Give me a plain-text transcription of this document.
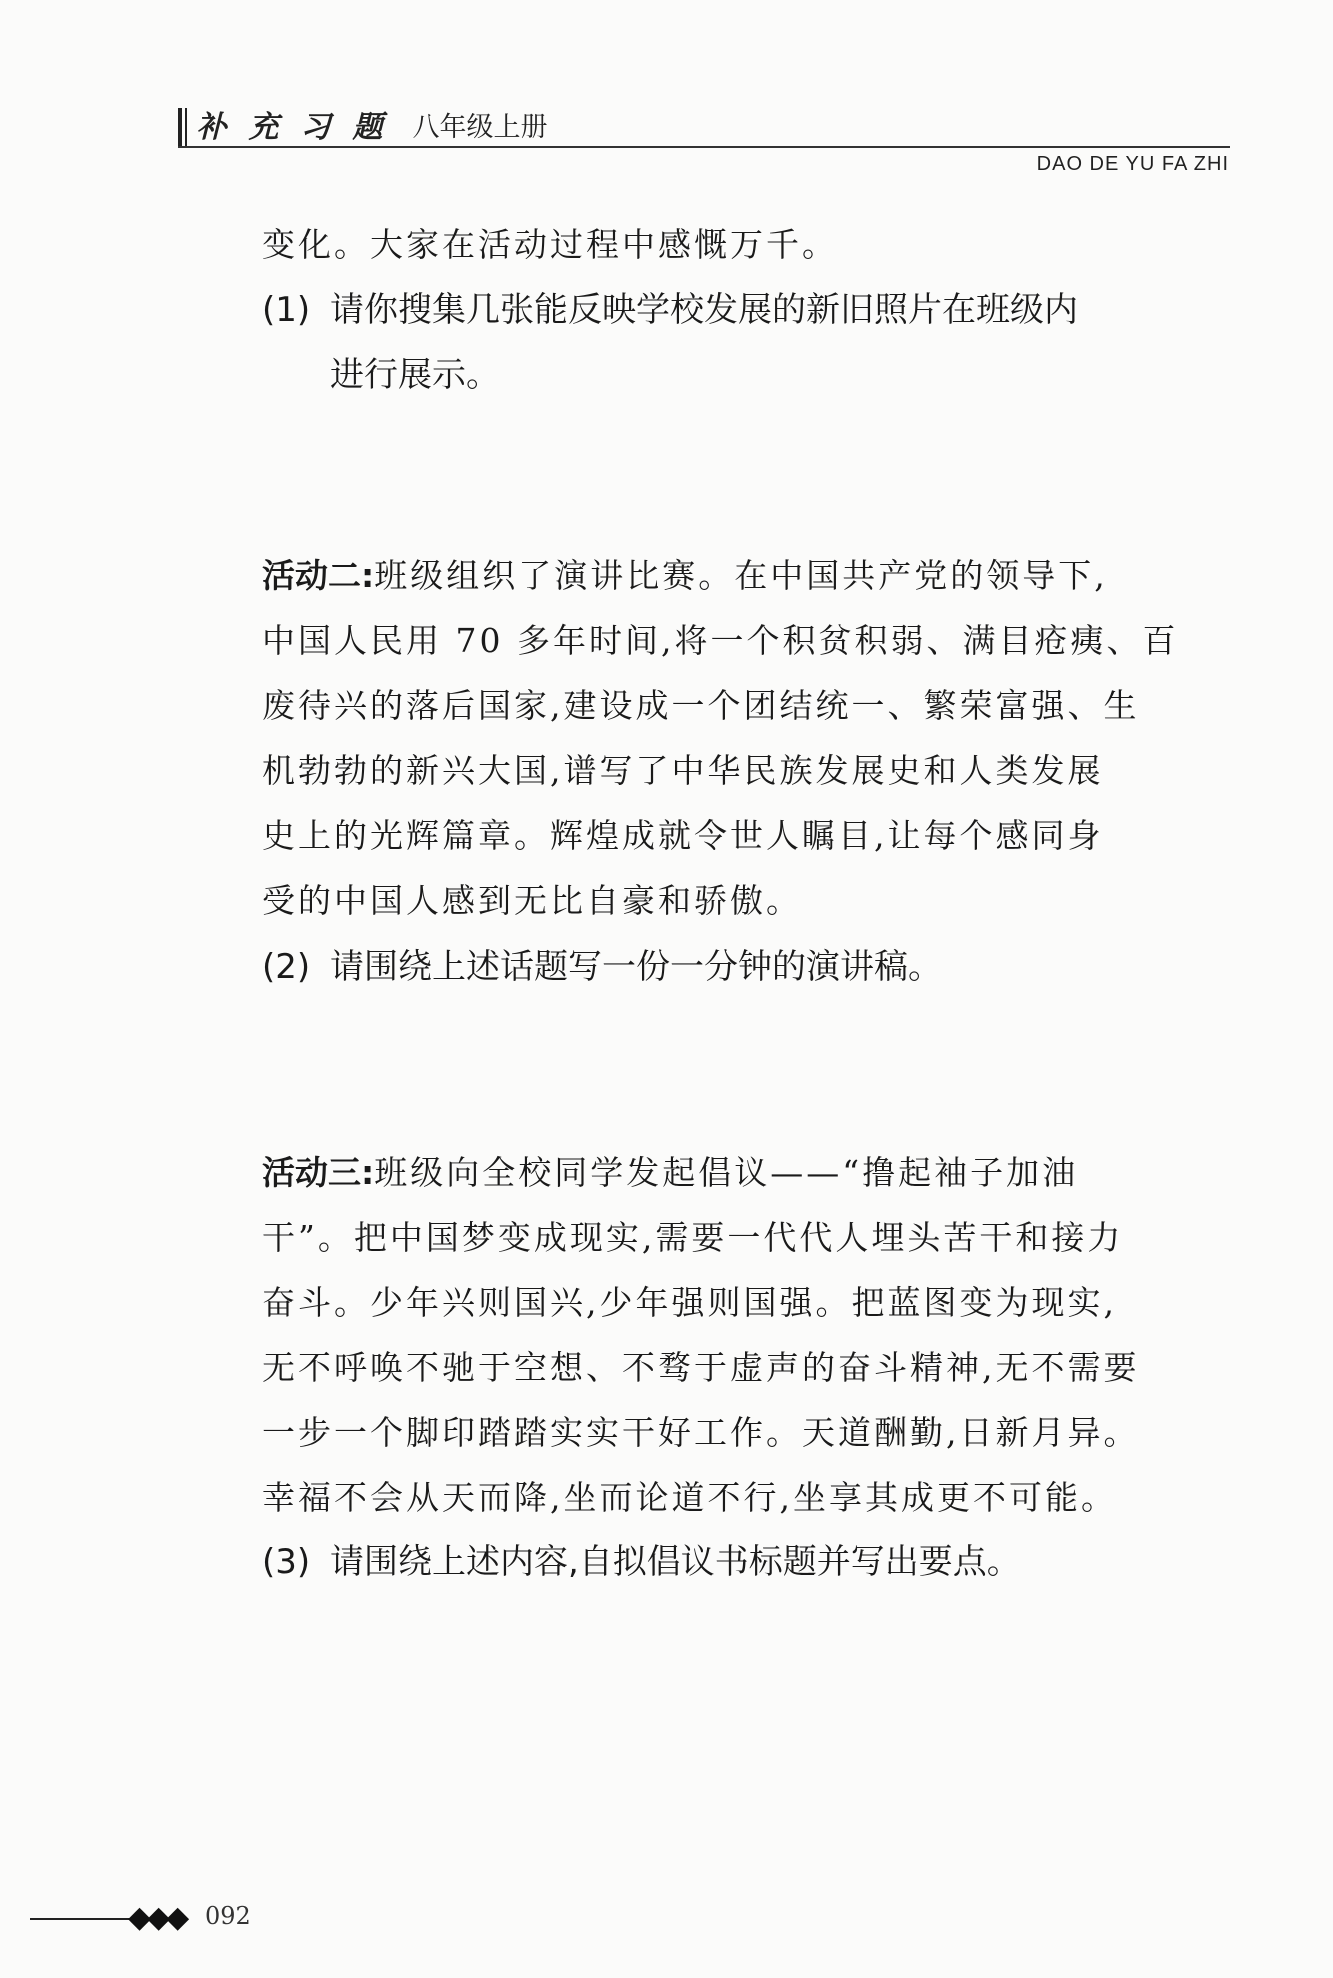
补充习题 八年级上册
DAO DE YU FA ZHI
变化。大家在活动过程中感慨万千。
(1) 请你搜集几张能反映学校发展的新旧照片在班级内
进行展示。
活动二:班级组织了演讲比赛。在中国共产党的领导下,
中国人民用 70 多年时间,将一个积贫积弱、满目疮痍、百
废待兴的落后国家,建设成一个团结统一、繁荣富强、生
机勃勃的新兴大国,谱写了中华民族发展史和人类发展
史上的光辉篇章。辉煌成就令世人瞩目,让每个感同身
受的中国人感到无比自豪和骄傲。
(2) 请围绕上述话题写一份一分钟的演讲稿。
活动三:班级向全校同学发起倡议——“撸起袖子加油
干”。把中国梦变成现实,需要一代代人埋头苦干和接力
奋斗。少年兴则国兴,少年强则国强。把蓝图变为现实,
无不呼唤不驰于空想、不骛于虚声的奋斗精神,无不需要
一步一个脚印踏踏实实干好工作。天道酬勤,日新月异。
幸福不会从天而降,坐而论道不行,坐享其成更不可能。
(3) 请围绕上述内容,自拟倡议书标题并写出要点。
◆◆◆ 092
